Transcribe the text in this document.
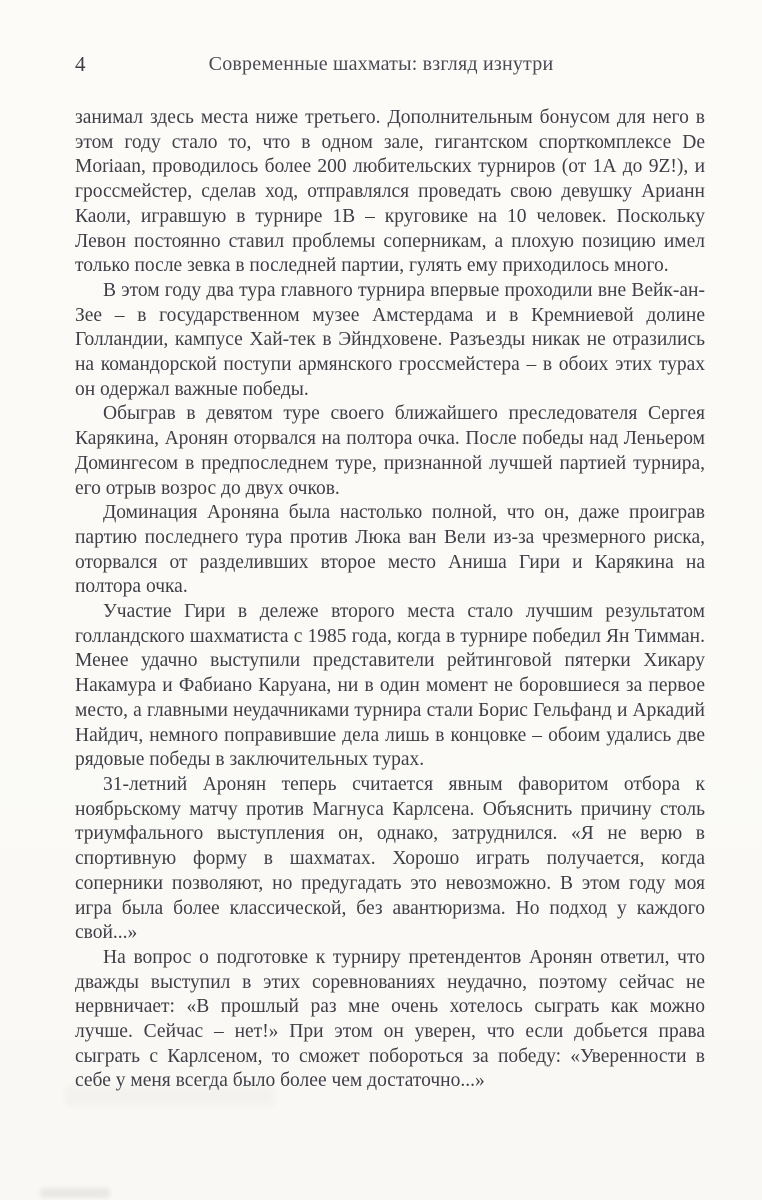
4	Современные шахматы: взгляд изнутри

занимал здесь места ниже третьего. Дополнительным бонусом для него в этом году стало то, что в одном зале, гигантском спорткомплексе De Moriaan, проводилось более 200 любительских турниров (от 1А до 9Z!), и гроссмейстер, сделав ход, отправлялся проведать свою девушку Арианн Каоли, игравшую в турнире 1В – круговике на 10 человек. Поскольку Левон постоянно ставил проблемы соперникам, а плохую позицию имел только после зевка в последней партии, гулять ему приходилось много.

В этом году два тура главного турнира впервые проходили вне Вейк-ан-Зее – в государственном музее Амстердама и в Кремниевой долине Голландии, кампусе Хай-тек в Эйндховене. Разъезды никак не отразились на командорской поступи армянского гроссмейстера – в обоих этих турах он одержал важные победы.

Обыграв в девятом туре своего ближайшего преследователя Сергея Карякина, Аронян оторвался на полтора очка. После победы над Леньером Домингесом в предпоследнем туре, признанной лучшей партией турнира, его отрыв возрос до двух очков.

Доминация Ароняна была настолько полной, что он, даже проиграв партию последнего тура против Люка ван Вели из-за чрезмерного риска, оторвался от разделивших второе место Аниша Гири и Карякина на полтора очка.

Участие Гири в дележе второго места стало лучшим результатом голландского шахматиста с 1985 года, когда в турнире победил Ян Тимман. Менее удачно выступили представители рейтинговой пятерки Хикару Накамура и Фабиано Каруана, ни в один момент не боровшиеся за первое место, а главными неудачниками турнира стали Борис Гельфанд и Аркадий Найдич, немного поправившие дела лишь в концовке – обоим удались две рядовые победы в заключительных турах.

31-летний Аронян теперь считается явным фаворитом отбора к ноябрьскому матчу против Магнуса Карлсена. Объяснить причину столь триумфального выступления он, однако, затруднился. «Я не верю в спортивную форму в шахматах. Хорошо играть получается, когда соперники позволяют, но предугадать это невозможно. В этом году моя игра была более классической, без авантюризма. Но подход у каждого свой...»

На вопрос о подготовке к турниру претендентов Аронян ответил, что дважды выступил в этих соревнованиях неудачно, поэтому сейчас не нервничает: «В прошлый раз мне очень хотелось сыграть как можно лучше. Сейчас – нет!» При этом он уверен, что если добьется права сыграть с Карлсеном, то сможет побороться за победу: «Уверенности в себе у меня всегда было более чем достаточно...»
